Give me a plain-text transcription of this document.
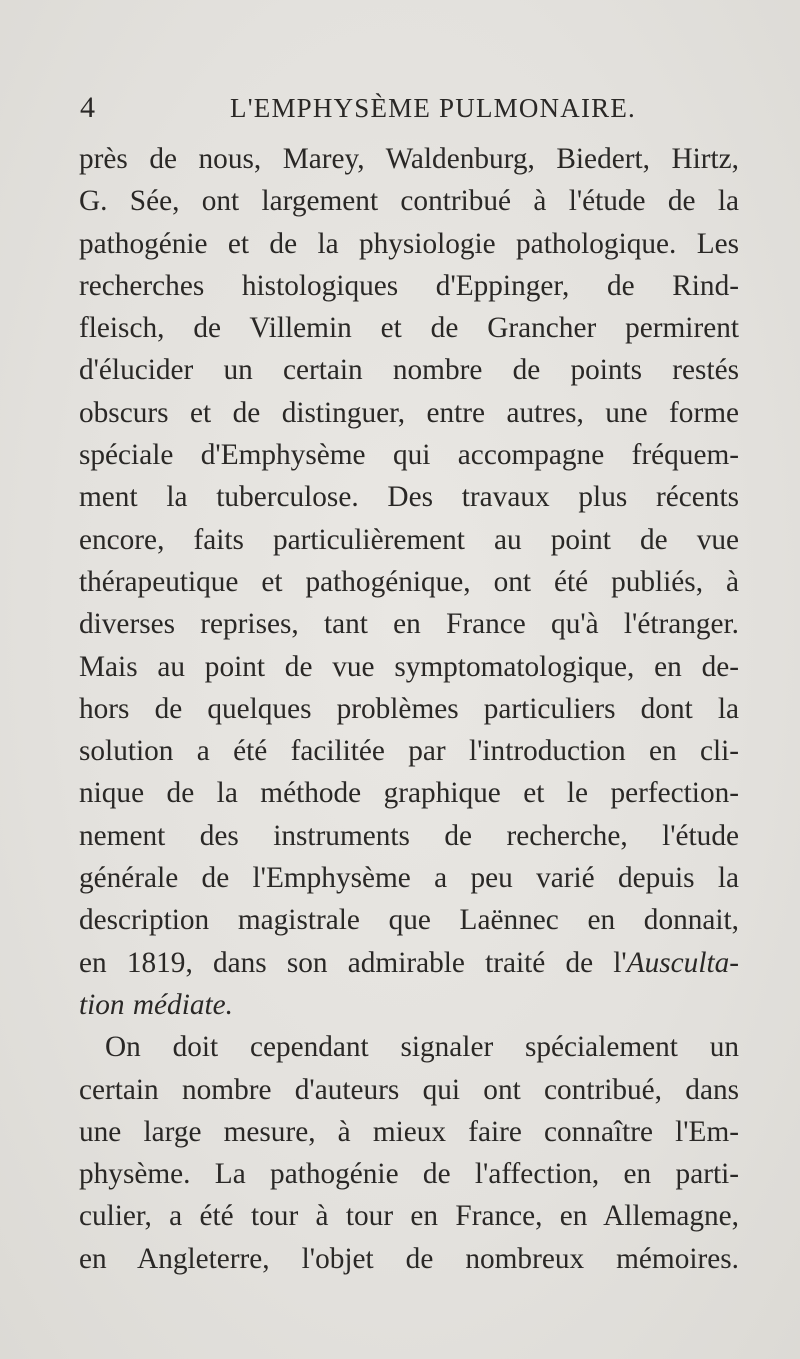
4	L'EMPHYSÈME PULMONAIRE.
près de nous, Marey, Waldenburg, Biedert, Hirtz,
G. Sée, ont largement contribué à l'étude de la
pathogénie et de la physiologie pathologique. Les
recherches histologiques d'Eppinger, de Rind-
fleisch, de Villemin et de Grancher permirent
d'élucider un certain nombre de points restés
obscurs et de distinguer, entre autres, une forme
spéciale d'Emphysème qui accompagne fréquem-
ment la tuberculose. Des travaux plus récents
encore, faits particulièrement au point de vue
thérapeutique et pathogénique, ont été publiés, à
diverses reprises, tant en France qu'à l'étranger.
Mais au point de vue symptomatologique, en de-
hors de quelques problèmes particuliers dont la
solution a été facilitée par l'introduction en cli-
nique de la méthode graphique et le perfection-
nement des instruments de recherche, l'étude
générale de l'Emphysème a peu varié depuis la
description magistrale que Laënnec en donnait,
en 1819, dans son admirable traité de l'Ausculta-
tion médiate.
On doit cependant signaler spécialement un
certain nombre d'auteurs qui ont contribué, dans
une large mesure, à mieux faire connaître l'Em-
physème. La pathogénie de l'affection, en parti-
culier, a été tour à tour en France, en Allemagne,
en Angleterre, l'objet de nombreux mémoires.
